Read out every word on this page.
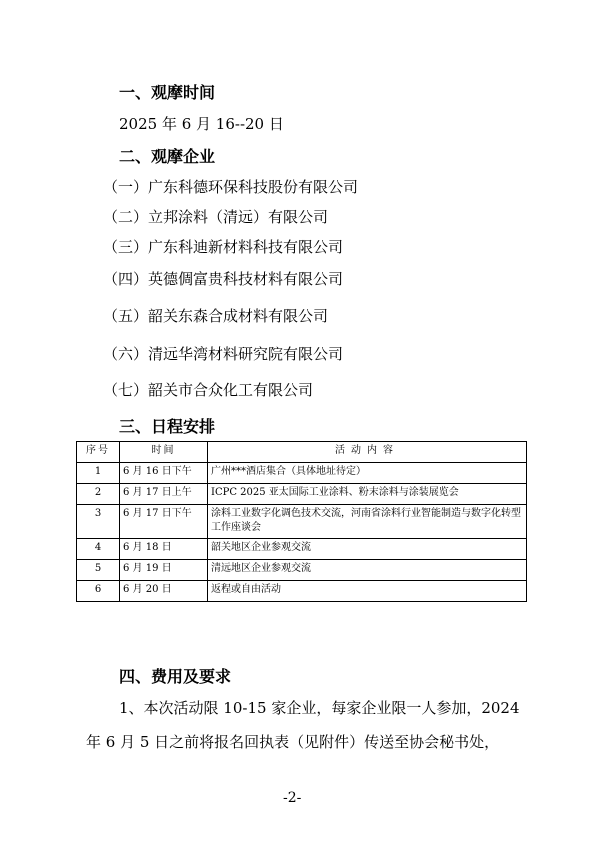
一、观摩时间
2025 年 6 月 16--20 日
二、观摩企业
（一）广东科德环保科技股份有限公司
（二）立邦涂料（清远）有限公司
（三）广东科迪新材料科技有限公司
（四）英德倜富贵科技材料有限公司
（五）韶关东森合成材料有限公司
（六）清远华湾材料研究院有限公司
（七）韶关市合众化工有限公司
三、日程安排
序号	时间	活动内容
1	6 月 16 日下午	广州***酒店集合（具体地址待定）
2	6 月 17 日上午	ICPC 2025 亚太国际工业涂料、粉末涂料与涂装展览会
3	6 月 17 日下午	涂料工业数字化调色技术交流，河南省涂料行业智能制造与数字化转型工作座谈会
4	6 月 18 日	韶关地区企业参观交流
5	6 月 19 日	清远地区企业参观交流
6	6 月 20 日	返程或自由活动
四、费用及要求
1、本次活动限 10-15 家企业，每家企业限一人参加，2024
年 6 月 5 日之前将报名回执表（见附件）传送至协会秘书处，
-2-
